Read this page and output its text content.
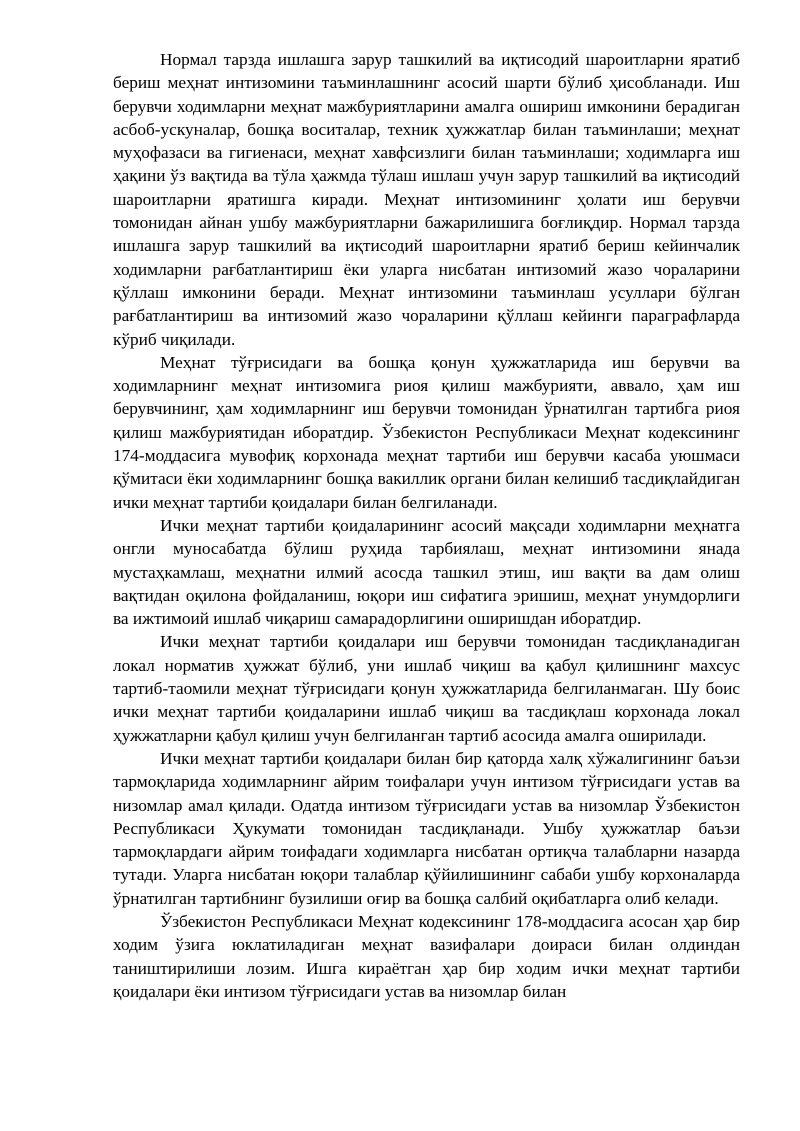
Нормал тарзда ишлашга зарур ташкилий ва иқтисодий шароитларни яратиб бериш меҳнат интизомини таъминлашнинг асосий шарти бўлиб ҳисобланади. Иш берувчи ходимларни меҳнат мажбуриятларини амалга ошириш имконини берадиган асбоб-ускуналар, бошқа воситалар, техник ҳужжатлар билан таъминлаши; меҳнат муҳофазаси ва гигиенаси, меҳнат хавфсизлиги билан таъминлаши; ходимларга иш ҳақини ўз вақтида ва тўла ҳажмда тўлаш ишлаш учун зарур ташкилий ва иқтисодий шароитларни яратишга киради. Меҳнат интизомининг ҳолати иш берувчи томонидан айнан ушбу мажбуриятларни бажарилишига боғлиқдир. Нормал тарзда ишлашга зарур ташкилий ва иқтисодий шароитларни яратиб бериш кейинчалик ходимларни рағбатлантириш ёки уларга нисбатан интизомий жазо чораларини қўллаш имконини беради. Меҳнат интизомини таъминлаш усуллари бўлган рағбатлантириш ва интизомий жазо чораларини қўллаш кейинги параграфларда кўриб чиқилади.

Меҳнат тўғрисидаги ва бошқа қонун ҳужжатларида иш берувчи ва ходимларнинг меҳнат интизомига риоя қилиш мажбурияти, аввало, ҳам иш берувчининг, ҳам ходимларнинг иш берувчи томонидан ўрнатилган тартибга риоя қилиш мажбуриятидан иборатдир. Ўзбекистон Республикаси Меҳнат кодексининг 174-моддасига мувофиқ корхонада меҳнат тартиби иш берувчи касаба уюшмаси қўмитаси ёки ходимларнинг бошқа вакиллик органи билан келишиб тасдиқлайдиган ички меҳнат тартиби қоидалари билан белгиланади.

Ички меҳнат тартиби қоидаларининг асосий мақсади ходимларни меҳнатга онгли муносабатда бўлиш руҳида тарбиялаш, меҳнат интизомини янада мустаҳкамлаш, меҳнатни илмий асосда ташкил этиш, иш вақти ва дам олиш вақтидан оқилона фойдаланиш, юқори иш сифатига эришиш, меҳнат унумдорлиги ва ижтимоий ишлаб чиқариш самарадорлигини оширишдан иборатдир.

Ички меҳнат тартиби қоидалари иш берувчи томонидан тасдиқланадиган локал норматив ҳужжат бўлиб, уни ишлаб чиқиш ва қабул қилишнинг махсус тартиб-таомили меҳнат тўғрисидаги қонун ҳужжатларида белгиланмаган. Шу боис ички меҳнат тартиби қоидаларини ишлаб чиқиш ва тасдиқлаш корхонада локал ҳужжатларни қабул қилиш учун белгиланган тартиб асосида амалга оширилади.

Ички меҳнат тартиби қоидалари билан бир қаторда халқ хўжалигининг баъзи тармоқларида ходимларнинг айрим тоифалари учун интизом тўғрисидаги устав ва низомлар амал қилади. Одатда интизом тўғрисидаги устав ва низомлар Ўзбекистон Республикаси Ҳукумати томонидан тасдиқланади. Ушбу ҳужжатлар баъзи тармоқлардаги айрим тоифадаги ходимларга нисбатан ортиқча талабларни назарда тутади. Уларга нисбатан юқори талаблар қўйилишининг сабаби ушбу корхоналарда ўрнатилган тартибнинг бузилиши оғир ва бошқа салбий оқибатларга олиб келади.

Ўзбекистон Республикаси Меҳнат кодексининг 178-моддасига асосан ҳар бир ходим ўзига юклатиладиган меҳнат вазифалари доираси билан олдиндан таништирилиши лозим. Ишга кираётган ҳар бир ходим ички меҳнат тартиби қоидалари ёки интизом тўғрисидаги устав ва низомлар билан
